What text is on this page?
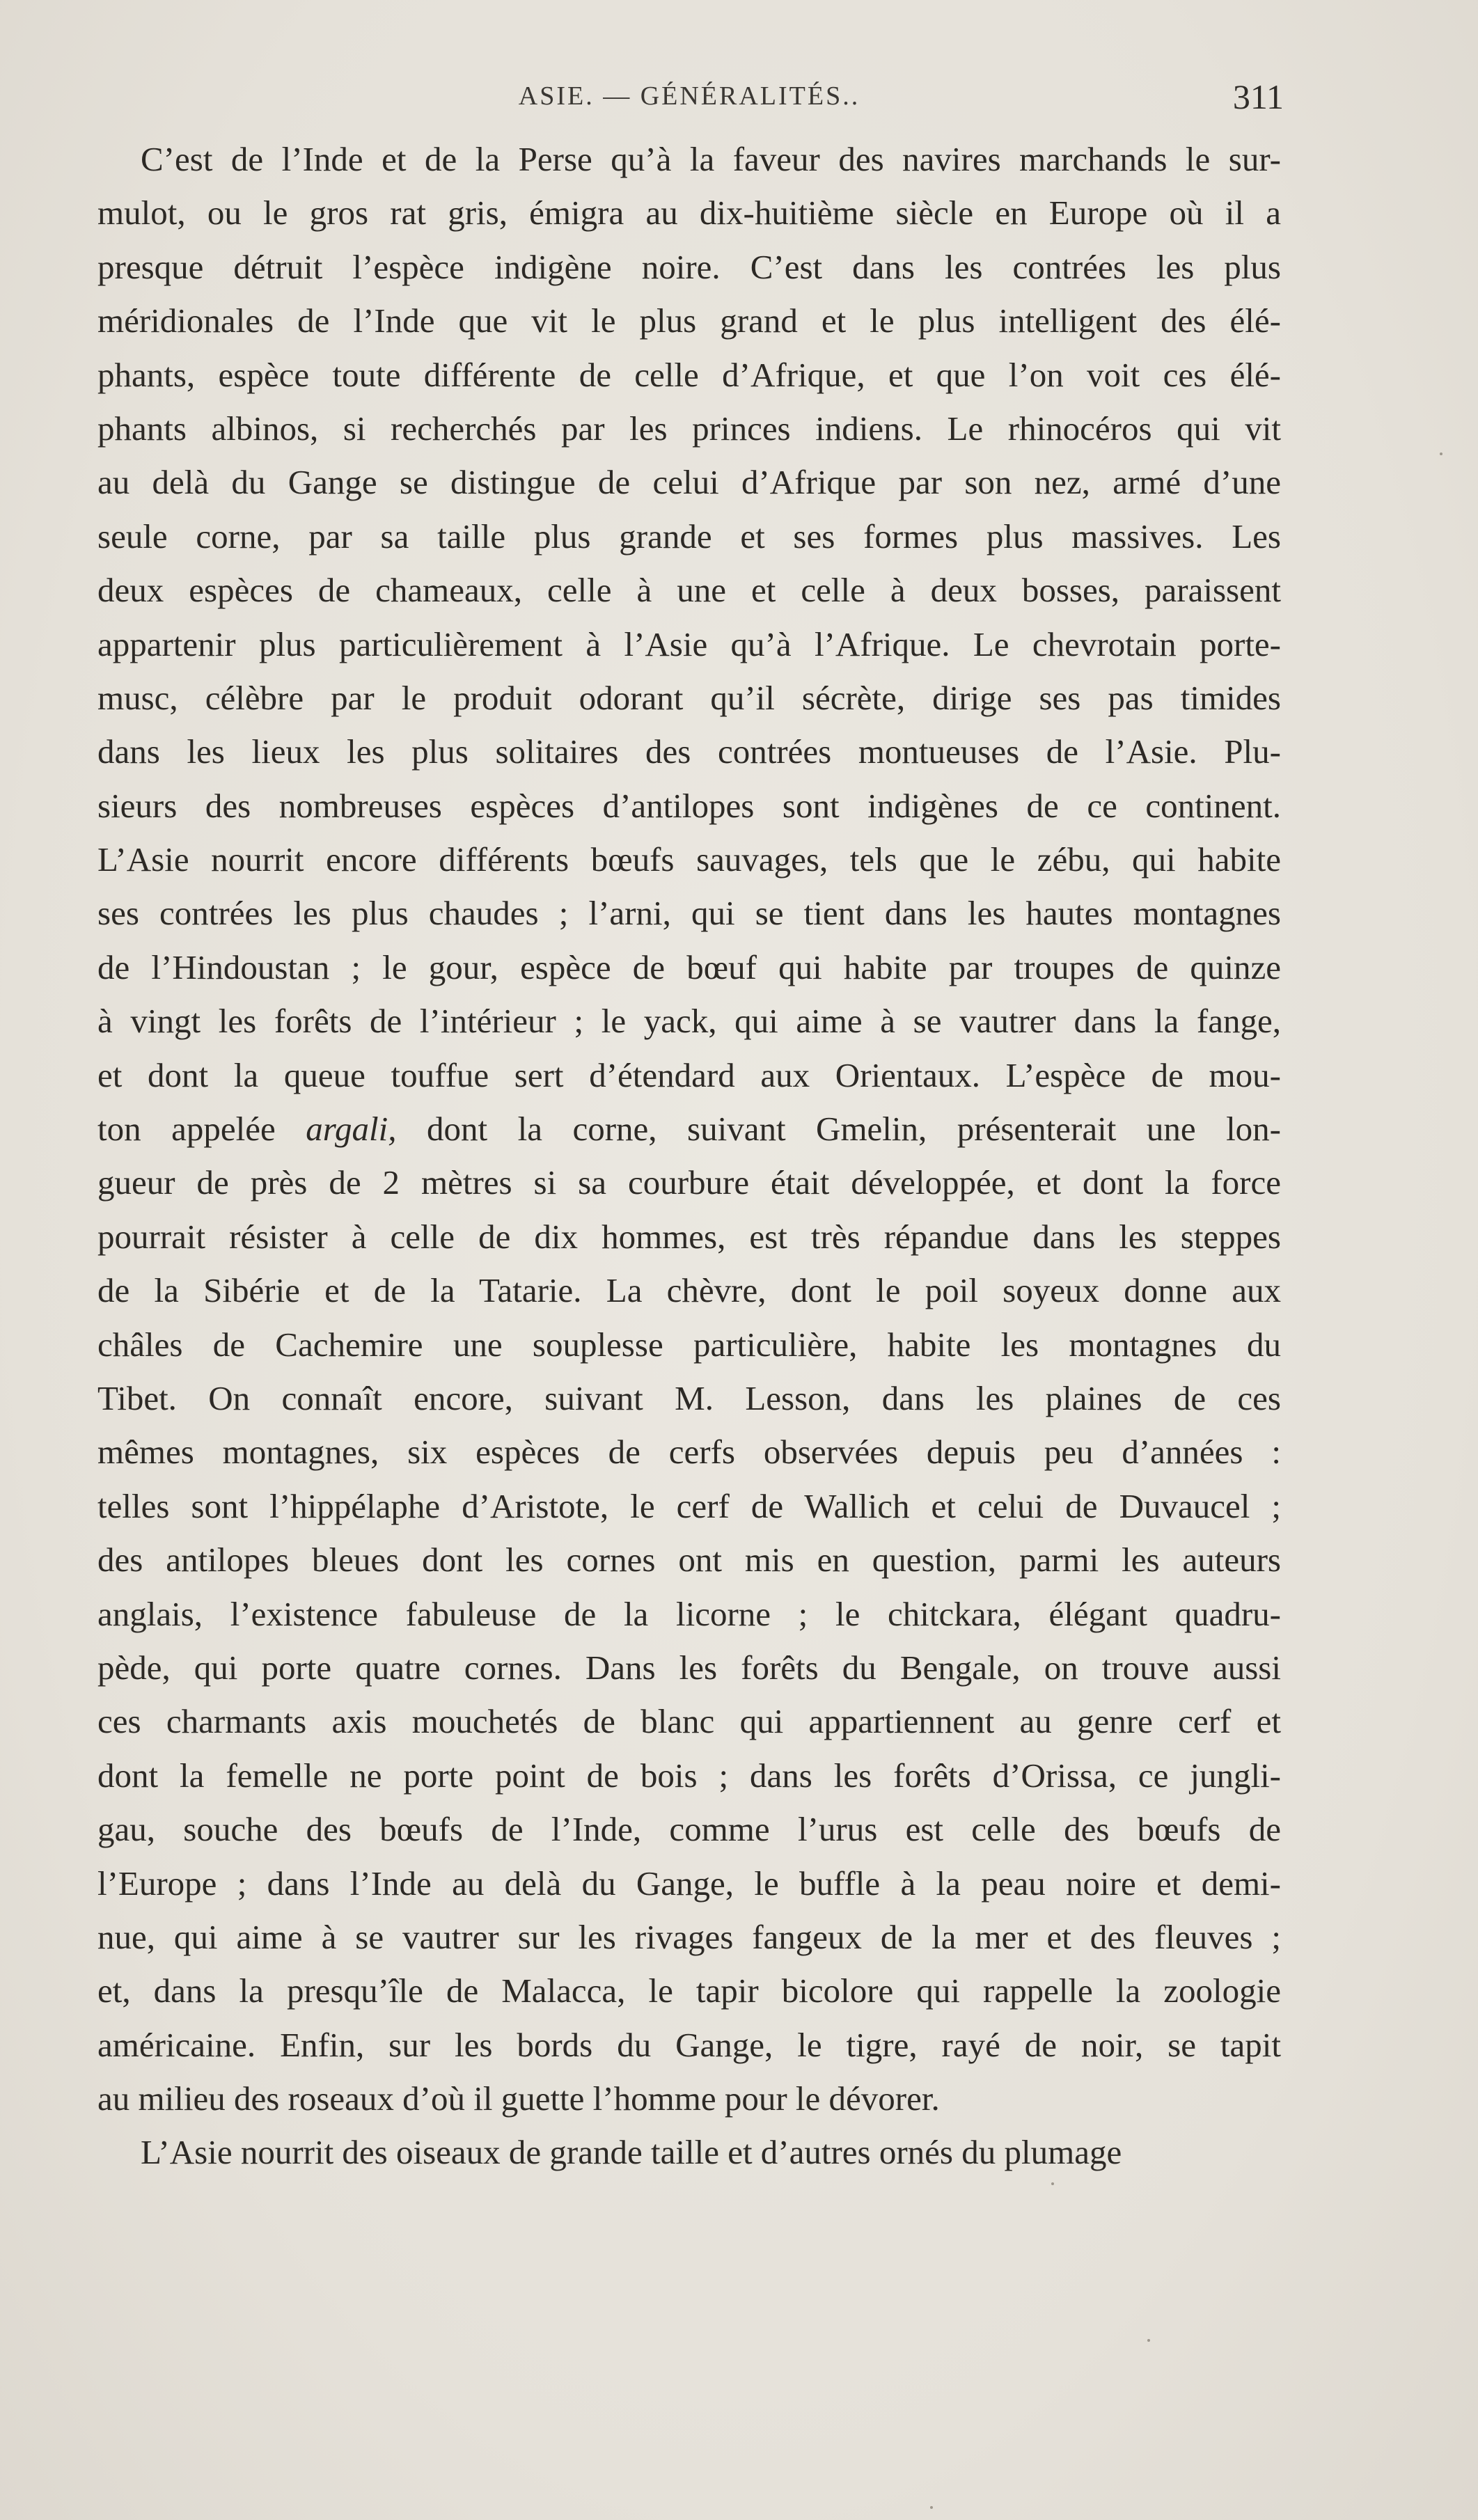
ASIE. — GÉNÉRALITÉS..	311
C’est de l’Inde et de la Perse qu’à la faveur des navires marchands le sur-
mulot, ou le gros rat gris, émigra au dix-huitième siècle en Europe où il a
presque détruit l’espèce indigène noire. C’est dans les contrées les plus
méridionales de l’Inde que vit le plus grand et le plus intelligent des élé-
phants, espèce toute différente de celle d’Afrique, et que l’on voit ces élé-
phants albinos, si recherchés par les princes indiens. Le rhinocéros qui vit
au delà du Gange se distingue de celui d’Afrique par son nez, armé d’une
seule corne, par sa taille plus grande et ses formes plus massives. Les
deux espèces de chameaux, celle à une et celle à deux bosses, paraissent
appartenir plus particulièrement à l’Asie qu’à l’Afrique. Le chevrotain porte-
musc, célèbre par le produit odorant qu’il sécrète, dirige ses pas timides
dans les lieux les plus solitaires des contrées montueuses de l’Asie. Plu-
sieurs des nombreuses espèces d’antilopes sont indigènes de ce continent.
L’Asie nourrit encore différents bœufs sauvages, tels que le zébu, qui habite
ses contrées les plus chaudes ; l’arni, qui se tient dans les hautes montagnes
de l’Hindoustan ; le gour, espèce de bœuf qui habite par troupes de quinze
à vingt les forêts de l’intérieur ; le yack, qui aime à se vautrer dans la fange,
et dont la queue touffue sert d’étendard aux Orientaux. L’espèce de mou-
ton appelée argali, dont la corne, suivant Gmelin, présenterait une lon-
gueur de près de 2 mètres si sa courbure était développée, et dont la force
pourrait résister à celle de dix hommes, est très répandue dans les steppes
de la Sibérie et de la Tatarie. La chèvre, dont le poil soyeux donne aux
châles de Cachemire une souplesse particulière, habite les montagnes du
Tibet. On connaît encore, suivant M. Lesson, dans les plaines de ces
mêmes montagnes, six espèces de cerfs observées depuis peu d’années :
telles sont l’hippélaphe d’Aristote, le cerf de Wallich et celui de Duvaucel ;
des antilopes bleues dont les cornes ont mis en question, parmi les auteurs
anglais, l’existence fabuleuse de la licorne ; le chitckara, élégant quadru-
pède, qui porte quatre cornes. Dans les forêts du Bengale, on trouve aussi
ces charmants axis mouchetés de blanc qui appartiennent au genre cerf et
dont la femelle ne porte point de bois ; dans les forêts d’Orissa, ce jungli-
gau, souche des bœufs de l’Inde, comme l’urus est celle des bœufs de
l’Europe ; dans l’Inde au delà du Gange, le buffle à la peau noire et demi-
nue, qui aime à se vautrer sur les rivages fangeux de la mer et des fleuves ;
et, dans la presqu’île de Malacca, le tapir bicolore qui rappelle la zoologie
américaine. Enfin, sur les bords du Gange, le tigre, rayé de noir, se tapit
au milieu des roseaux d’où il guette l’homme pour le dévorer.
L’Asie nourrit des oiseaux de grande taille et d’autres ornés du plumage
